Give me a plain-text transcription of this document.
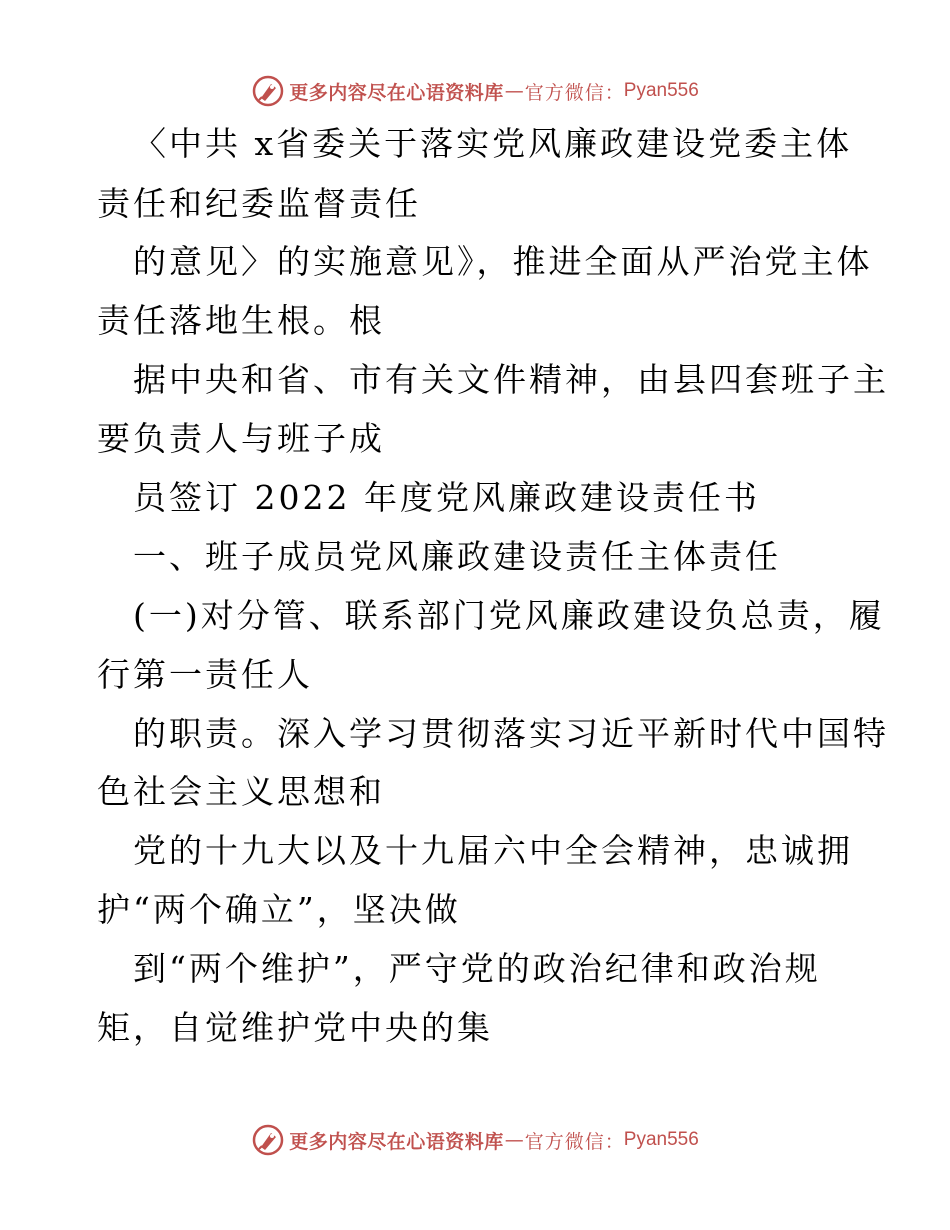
更多内容尽在心语资料库 — 官方微信 ： Pyan556
〈中共 x省委关于落实党风廉政建设党委主体
责任和纪委监督责任
的意见〉的实施意见》，推进全面从严治党主体
责任落地生根。根
据中央和省、市有关文件精神，由县四套班子主
要负责人与班子成
员签订 2022 年度党风廉政建设责任书
一、班子成员党风廉政建设责任主体责任
(一)对分管、联系部门党风廉政建设负总责，履
行第一责任人
的职责。深入学习贯彻落实习近平新时代中国特
色社会主义思想和
党的十九大以及十九届六中全会精神，忠诚拥
护“两个确立”，坚决做
到“两个维护”，严守党的政治纪律和政治规
矩，自觉维护党中央的集
更多内容尽在心语资料库 — 官方微信 ： Pyan556
